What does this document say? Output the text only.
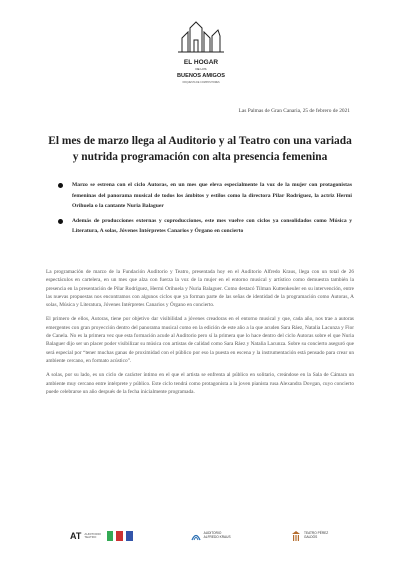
EL HOGAR
DE LOS
BUENOS AMIGOS
ORQUESTA DE COMPOSITORES
Las Palmas de Gran Canaria, 25 de febrero de 2021
El mes de marzo llega al Auditorio y al Teatro con una variada y nutrida programación con alta presencia femenina
Marzo se estrena con el ciclo Autoras, en un mes que eleva especialmente la voz de la mujer con protagonistas femeninas del panorama musical de todos los ámbitos y estilos como la directora Pilar Rodríguez, la actriz Hermi Orihuela o la cantante Nuria Balaguer
Además de producciones externas y coproducciones, este mes vuelve con ciclos ya consolidados como Música y Literatura, A solas, Jóvenes Intérpretes Canarios y Órgano en concierto

La programación de marzo de la Fundación Auditorio y Teatro, presentada hoy en el Auditorio Alfredo Kraus, llega con un total de 26 espectáculos en cartelera, en un mes que alza con fuerza la voz de la mujer en el entorno musical y artístico como demuestra también la presencia en la presentación de Pilar Rodríguez, Hermi Orihuela y Nuria Balaguer. Como destacó Tilman Kuttenkeuler en su intervención, entre las nuevas propuestas nos encontramos con algunos ciclos que ya forman parte de las señas de identidad de la programación como Autoras, A solas, Música y Literatura, Jóvenes Intérpretes Canarios y Órgano en concierto.

El primero de ellos, Autoras, tiene por objetivo dar visibilidad a jóvenes creadoras en el entorno musical y que, cada año, nos trae a autoras emergentes con gran proyección dentro del panorama musical como en la edición de este año a la que acuden Sara Ráez, Natalia Lacunza y Flor de Canela. No es la primera vez que esta formación acude al Auditorio pero sí la primera que lo hace dentro del ciclo Autoras sobre el que Nuria Balaguer dijo ser un placer poder visibilizar su música con artistas de calidad como Sara Ráez y Natalia Lacunza. Sobre su concierto aseguró que será especial por “tener muchas ganas de proximidad con el público por eso la puesta en escena y la instrumentación está pensado para crear un ambiente cercano, en formato acústico”.

A solas, por su lado, es un ciclo de carácter íntimo en el que el artista se enfrenta al público en solitario, creándose en la Sala de Cámara un ambiente muy cercano entre intérprete y público. Este ciclo tendrá como protagonista a la joven pianista rusa Alexandra Dovgan, cuyo concierto puede celebrarse un año después de la fecha inicialmente programada.

AT AUDITORIO TEATRO
AUDITORIO ALFREDO KRAUS
TEATRO PÉREZ GALDÓS
